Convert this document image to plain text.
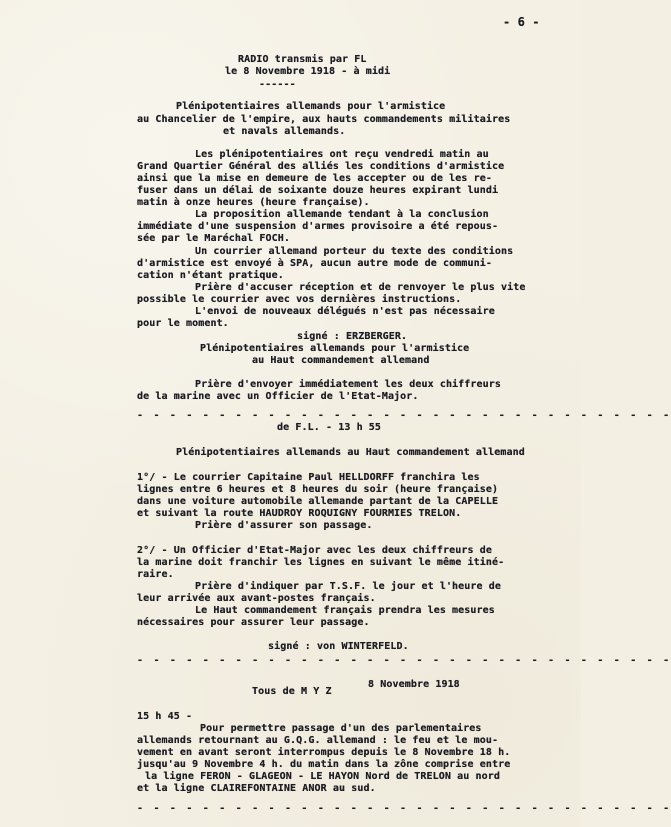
- 6 -
RADIO transmis par FL
le 8 Novembre 1918 - à midi
------
Plénipotentiaires allemands pour l'armistice
au Chancelier de l'empire, aux hauts commandements militaires
et navals allemands.
Les plénipotentiaires ont reçu vendredi matin au
Grand Quartier Général des alliés les conditions d'armistice
ainsi que la mise en demeure de les accepter ou de les re-
fuser dans un délai de soixante douze heures expirant lundi
matin à onze heures (heure française).
La proposition allemande tendant à la conclusion
immédiate d'une suspension d'armes provisoire a été repous-
sée par le Maréchal FOCH.
Un courrier allemand porteur du texte des conditions
d'armistice est envoyé à SPA, aucun autre mode de communi-
cation n'étant pratique.
Prière d'accuser réception et de renvoyer le plus vite
possible le courrier avec vos dernières instructions.
L'envoi de nouveaux délégués n'est pas nécessaire
pour le moment.
signé : ERZBERGER.
Plénipotentiaires allemands pour l'armistice
au Haut commandement allemand
Prière d'envoyer immédiatement les deux chiffreurs
de la marine avec un Officier de l'Etat-Major.
- - - - - - - - - - - - - - - - - - - - - - - - - - - - - - - - -
de F.L. - 13 h 55
Plénipotentiaires allemands au Haut commandement allemand
1°/ - Le courrier Capitaine Paul HELLDORFF franchira les
lignes entre 6 heures et 8 heures du soir (heure française)
dans une voiture automobile allemande partant de la CAPELLE
et suivant la route HAUDROY ROQUIGNY FOURMIES TRELON.
Prière d'assurer son passage.
2°/ - Un Officier d'Etat-Major avec les deux chiffreurs de
la marine doit franchir les lignes en suivant le même itiné-
raire.
Prière d'indiquer par T.S.F. le jour et l'heure de
leur arrivée aux avant-postes français.
Le Haut commandement français prendra les mesures
nécessaires pour assurer leur passage.
signé : von WINTERFELD.
- - - - - - - - - - - - - - - - - - - - - - - - - - - - - - - - -
8 Novembre 1918
Tous de M Y Z
15 h 45 -
Pour permettre passage d'un des parlementaires
allemands retournant au G.Q.G. allemand : le feu et le mou-
vement en avant seront interrompus depuis le 8 Novembre 18 h.
jusqu'au 9 Novembre 4 h. du matin dans la zône comprise entre
la ligne FERON - GLAGEON - LE HAYON Nord de TRELON au nord
et la ligne CLAIREFONTAINE ANOR au sud.
- - - - - - - - - - - - - - - - - - - - - - - - - - - - - - - - -
